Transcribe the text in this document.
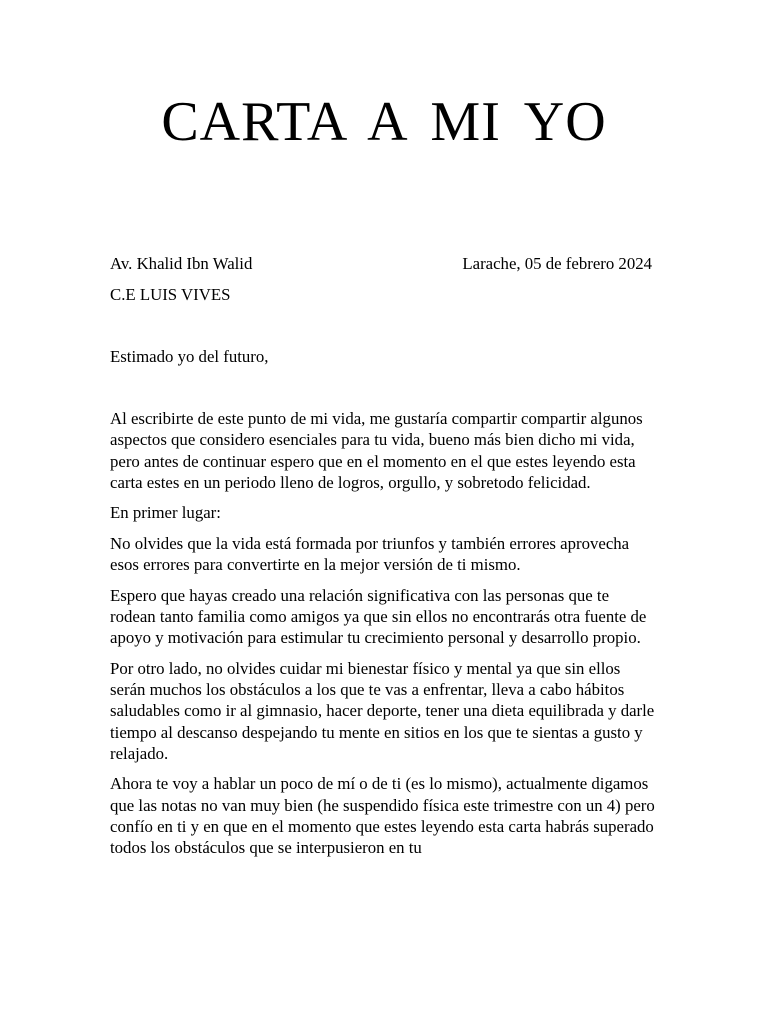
CARTA A MI YO
Av. Khalid Ibn Walid	Larache, 05 de febrero 2024
C.E LUIS VIVES
Estimado yo del futuro,

Al escribirte de este punto de mi vida, me gustaría compartir compartir algunos aspectos que considero esenciales para tu vida, bueno más bien dicho mi vida, pero antes de continuar espero que en el momento en el que estes leyendo esta carta estes en un periodo lleno de logros, orgullo, y sobretodo felicidad.

En primer lugar:

No olvides que la vida está formada por triunfos y también errores aprovecha esos errores para convertirte en la mejor versión de ti mismo.

Espero que hayas creado una relación significativa con las personas que te rodean tanto familia como amigos ya que sin ellos no encontrarás otra fuente de apoyo y motivación para estimular tu crecimiento personal y desarrollo propio.

Por otro lado, no olvides cuidar mi bienestar físico y mental ya que sin ellos serán muchos los obstáculos a los que te vas a enfrentar, lleva a cabo hábitos saludables como ir al gimnasio, hacer deporte, tener una dieta equilibrada y darle tiempo al descanso despejando tu mente en sitios en los que te sientas a gusto y relajado.

Ahora te voy a hablar un poco de mí o de ti (es lo mismo), actualmente digamos que las notas no van muy bien (he suspendido física este trimestre con un 4) pero confío en ti y en que en el momento que estes leyendo esta carta habrás superado todos los obstáculos que se interpusieron en tu
